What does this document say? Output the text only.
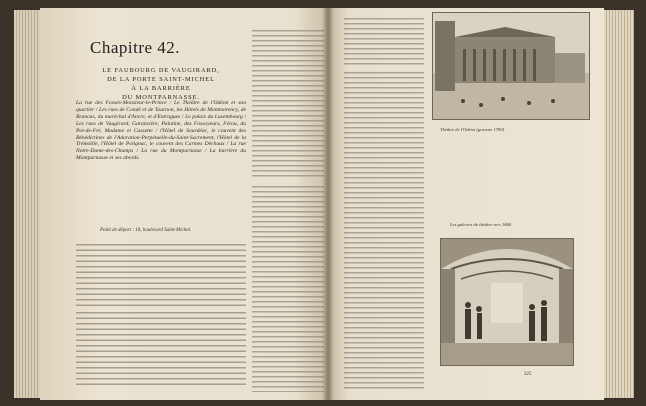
Chapitre 42.
LE FAUBOURG DE VAUGIRARD,
DE LA PORTE SAINT-MICHEL
À LA BARRIÈRE
DU MONTPARNASSE.
La rue des Fossés-Monsieur-le-Prince / Le Théâtre de l'Odéon et son quartier / Les rues de Condé et de Tournon, les Hôtels de Montmorency, de Brancas, du maréchal d'Ancre, et d'Entragues / Le palais du Luxembourg / Les rues de Vaugirard, Garancière, Palatine, des Fossoyeurs, Férou, du Pot-de-Fer, Madame et Cassette / l'Hôtel de Sourdéac, le couvent des Bénédictines de l'Adoration-Perpétuelle-du-Saint-Sacrement, l'Hôtel de la Trémoïlle, l'Hôtel de Polignac, le couvent des Carmes Déchaux / La rue Notre-Dame-des-Champs / La rue du Montparnasse / La barrière du Montparnasse et ses abords.
Point de départ : 18, boulevard Saint-Michel.
Théâtre de l'Odéon (gravure 1780).
Les galeries du théâtre vers 1860
325
